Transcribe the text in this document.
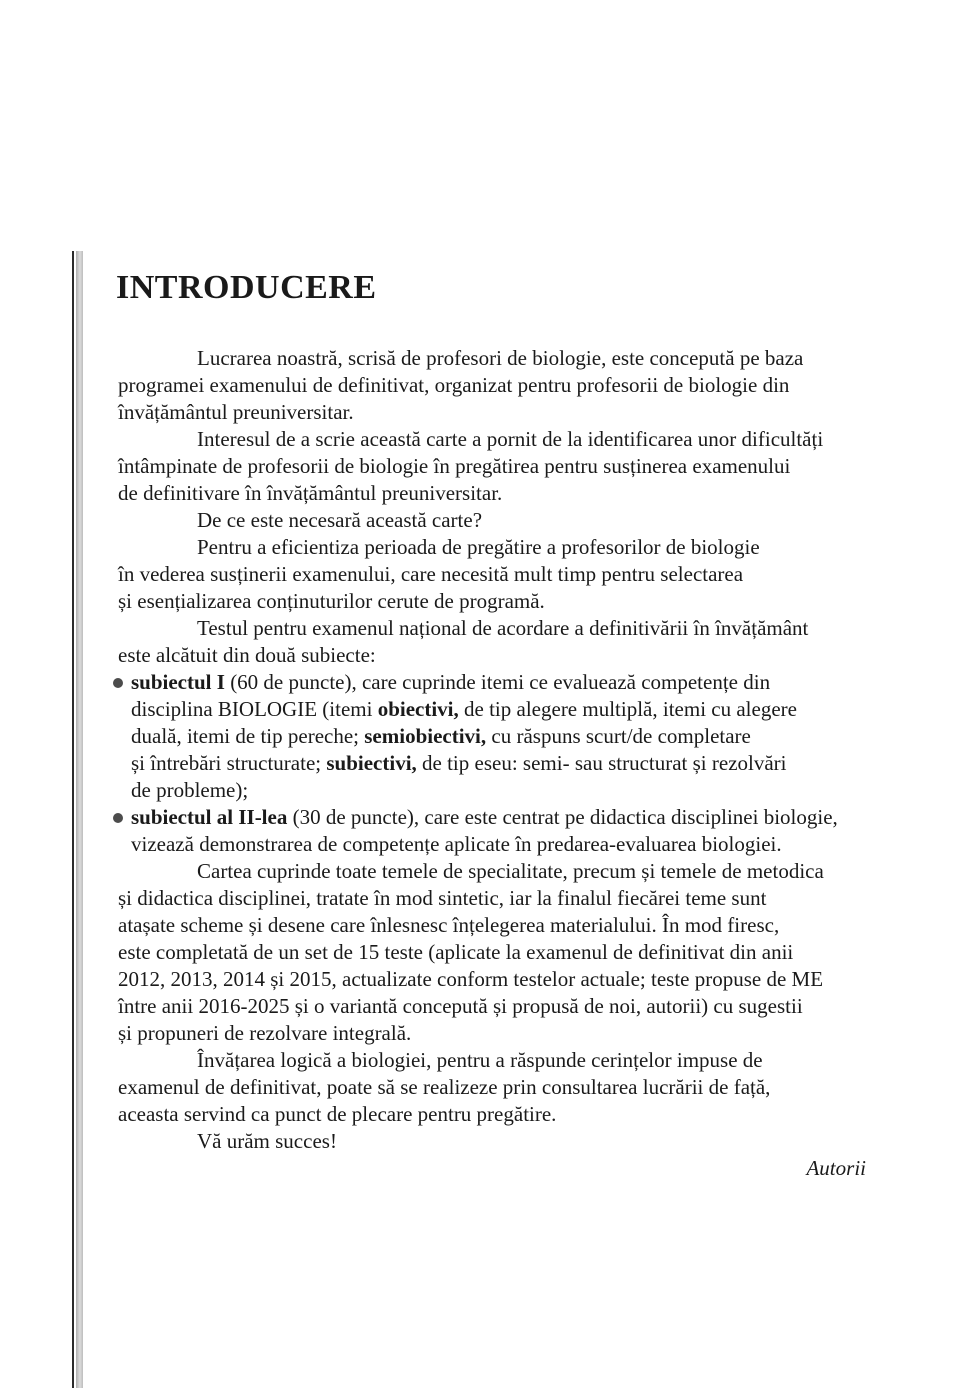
INTRODUCERE
Lucrarea noastră, scrisă de profesori de biologie, este concepută pe baza
programei examenului de definitivat, organizat pentru profesorii de biologie din
învățământul preuniversitar.
Interesul de a scrie această carte a pornit de la identificarea unor dificultăți
întâmpinate de profesorii de biologie în pregătirea pentru susținerea examenului
de definitivare în învățământul preuniversitar.
De ce este necesară această carte?
Pentru a eficientiza perioada de pregătire a profesorilor de biologie
în vederea susținerii examenului, care necesită mult timp pentru selectarea
și esențializarea conținuturilor cerute de programă.
Testul pentru examenul național de acordare a definitivării în învățământ
este alcătuit din două subiecte:
subiectul I (60 de puncte), care cuprinde itemi ce evaluează competențe din
disciplina BIOLOGIE (itemi obiectivi, de tip alegere multiplă, itemi cu alegere
duală, itemi de tip pereche; semiobiectivi, cu răspuns scurt/de completare
și întrebări structurate; subiectivi, de tip eseu: semi- sau structurat și rezolvări
de probleme);
subiectul al II-lea (30 de puncte), care este centrat pe didactica disciplinei biologie,
vizează demonstrarea de competențe aplicate în predarea-evaluarea biologiei.
Cartea cuprinde toate temele de specialitate, precum și temele de metodica
și didactica disciplinei, tratate în mod sintetic, iar la finalul fiecărei teme sunt
atașate scheme și desene care înlesnesc înțelegerea materialului. În mod firesc,
este completată de un set de 15 teste (aplicate la examenul de definitivat din anii
2012, 2013, 2014 și 2015, actualizate conform testelor actuale; teste propuse de ME
între anii 2016-2025 și o variantă concepută și propusă de noi, autorii) cu sugestii
și propuneri de rezolvare integrală.
Învățarea logică a biologiei, pentru a răspunde cerințelor impuse de
examenul de definitivat, poate să se realizeze prin consultarea lucrării de față,
aceasta servind ca punct de plecare pentru pregătire.
Vă urăm succes!
Autorii
